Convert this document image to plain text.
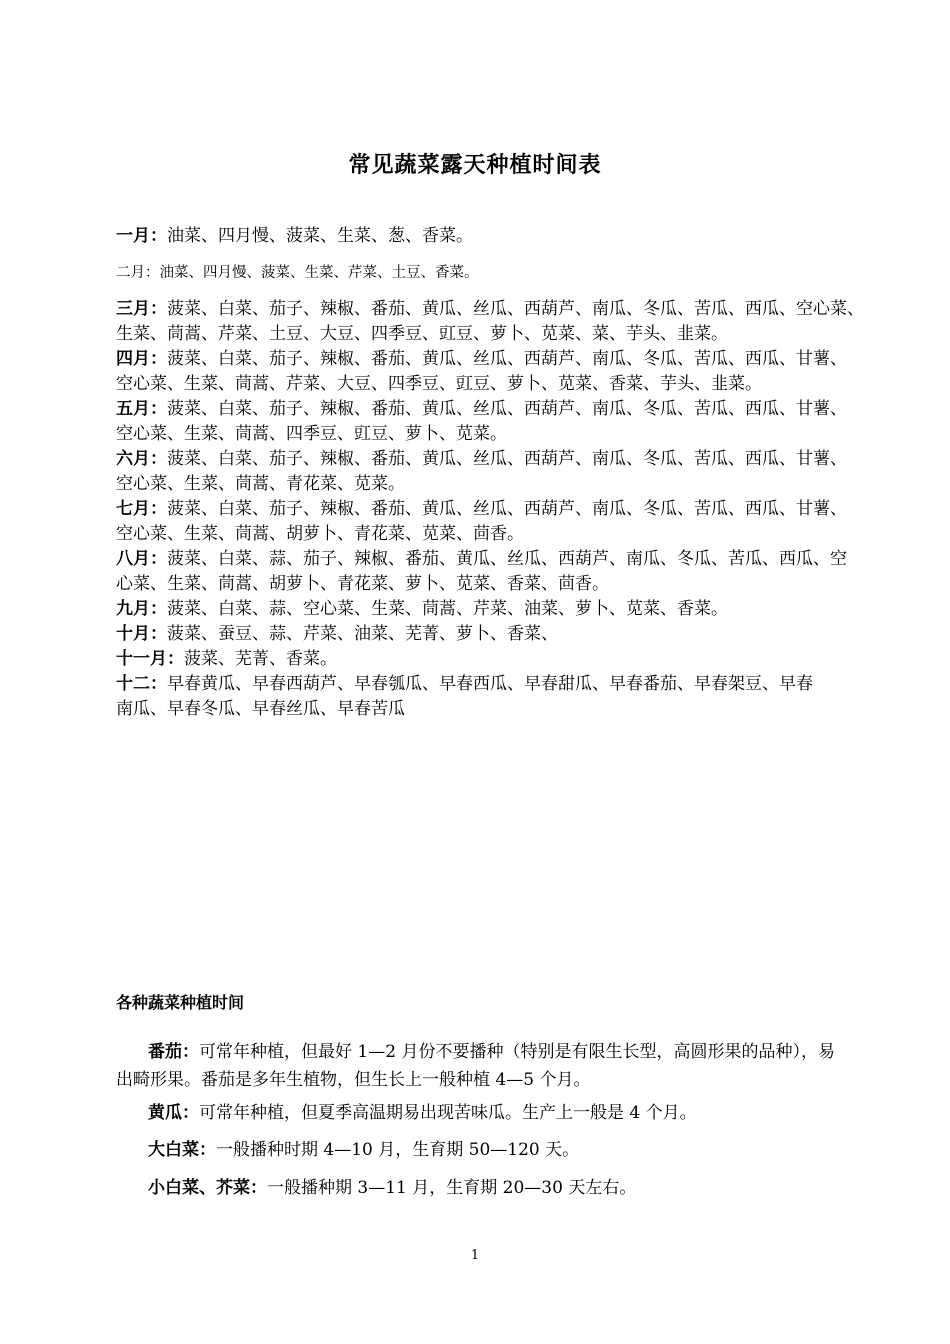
常见蔬菜露天种植时间表
一月：油菜、四月慢、菠菜、生菜、葱、香菜。
二月：油菜、四月慢、菠菜、生菜、芹菜、土豆、香菜。
三月：菠菜、白菜、茄子、辣椒、番茄、黄瓜、丝瓜、西葫芦、南瓜、冬瓜、苦瓜、西瓜、空心菜、
生菜、茼蒿、芹菜、土豆、大豆、四季豆、豇豆、萝卜、苋菜、菜、芋头、韭菜。
四月：菠菜、白菜、茄子、辣椒、番茄、黄瓜、丝瓜、西葫芦、南瓜、冬瓜、苦瓜、西瓜、甘薯、
空心菜、生菜、茼蒿、芹菜、大豆、四季豆、豇豆、萝卜、苋菜、香菜、芋头、韭菜。
五月：菠菜、白菜、茄子、辣椒、番茄、黄瓜、丝瓜、西葫芦、南瓜、冬瓜、苦瓜、西瓜、甘薯、
空心菜、生菜、茼蒿、四季豆、豇豆、萝卜、苋菜。
六月：菠菜、白菜、茄子、辣椒、番茄、黄瓜、丝瓜、西葫芦、南瓜、冬瓜、苦瓜、西瓜、甘薯、
空心菜、生菜、茼蒿、青花菜、苋菜。
七月：菠菜、白菜、茄子、辣椒、番茄、黄瓜、丝瓜、西葫芦、南瓜、冬瓜、苦瓜、西瓜、甘薯、
空心菜、生菜、茼蒿、胡萝卜、青花菜、苋菜、茴香。
八月：菠菜、白菜、蒜、茄子、辣椒、番茄、黄瓜、丝瓜、西葫芦、南瓜、冬瓜、苦瓜、西瓜、空
心菜、生菜、茼蒿、胡萝卜、青花菜、萝卜、苋菜、香菜、茴香。
九月：菠菜、白菜、蒜、空心菜、生菜、茼蒿、芹菜、油菜、萝卜、苋菜、香菜。
十月：菠菜、蚕豆、蒜、芹菜、油菜、芜菁、萝卜、香菜、
十一月：菠菜、芜菁、香菜。
十二：早春黄瓜、早春西葫芦、早春瓠瓜、早春西瓜、早春甜瓜、早春番茄、早春架豆、早春
南瓜、早春冬瓜、早春丝瓜、早春苦瓜
各种蔬菜种植时间
番茄：可常年种植，但最好 1—2 月份不要播种（特别是有限生长型，高圆形果的品种），易出畸形果。番茄是多年生植物，但生长上一般种植 4—5 个月。
黄瓜：可常年种植，但夏季高温期易出现苦味瓜。生产上一般是 4 个月。
大白菜：一般播种时期 4—10 月，生育期 50—120 天。
小白菜、芥菜：一般播种期 3—11 月，生育期 20—30 天左右。
1
